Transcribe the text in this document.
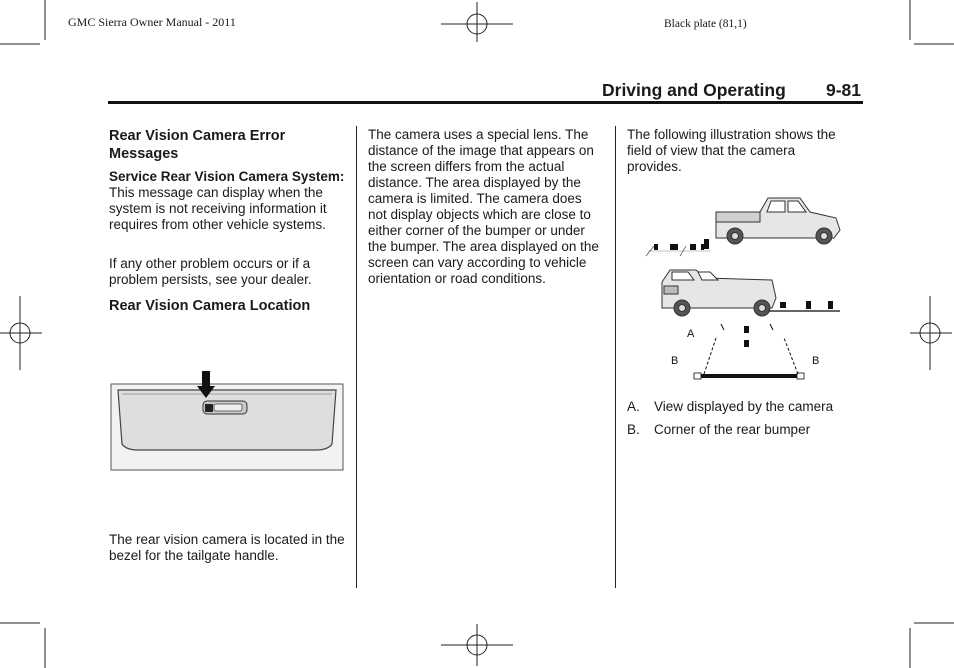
GMC Sierra Owner Manual - 2011	Black plate (81,1)
Driving and Operating 9-81
Rear Vision Camera Error Messages
Service Rear Vision Camera System:  This message can display when the system is not receiving information it requires from other vehicle systems.
If any other problem occurs or if a problem persists, see your dealer.
Rear Vision Camera Location
The rear vision camera is located in the bezel for the tailgate handle.
The camera uses a special lens. The distance of the image that appears on the screen differs from the actual distance. The area displayed by the camera is limited. The camera does not display objects which are close to either corner of the bumper or under the bumper. The area displayed on the screen can vary according to vehicle orientation or road conditions.
The following illustration shows the field of view that the camera provides.
A
B	B
A. View displayed by the camera
B. Corner of the rear bumper
